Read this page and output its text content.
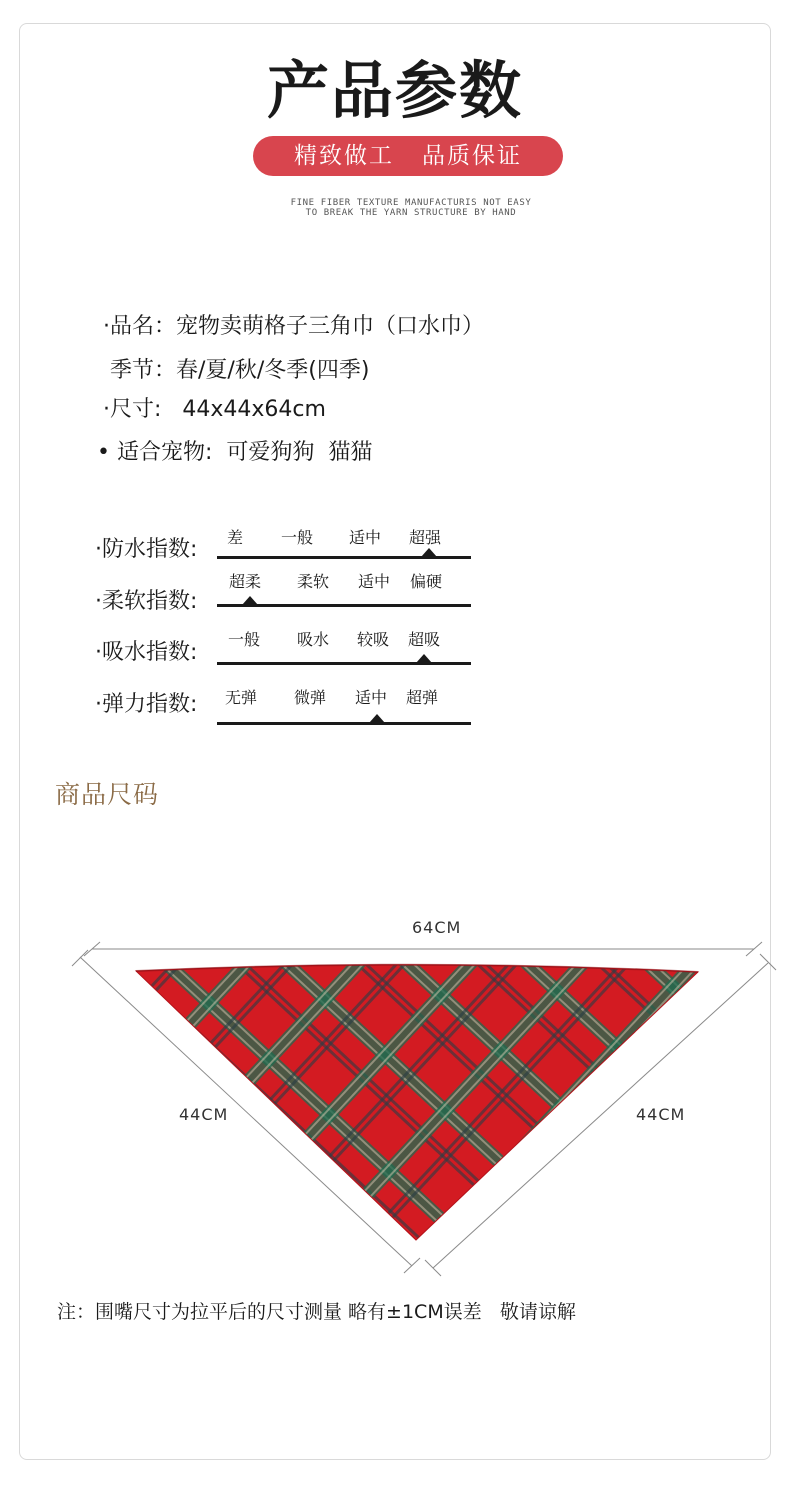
产品参数
精致做工   品质保证
FINE FIBER TEXTURE MANUFACTURIS NOT EASY
TO BREAK THE YARN STRUCTURE BY HAND
·品名：宠物卖萌格子三角巾（口水巾）
季节：春/夏/秋/冬季(四季)
·尺寸:   44x44x64cm
• 适合宠物:  可爱狗狗  猫猫
·防水指数: 差 一般 适中 超强
·柔软指数:
超柔 柔软 适中 偏硬
·吸水指数:
一般 吸水 较吸 超吸
·弹力指数: 无弹 微弹 适中 超弹
商品尺码
64CM
44CM	44CM
注：围嘴尺寸为拉平后的尺寸测量 略有±1CM误差   敬请谅解
